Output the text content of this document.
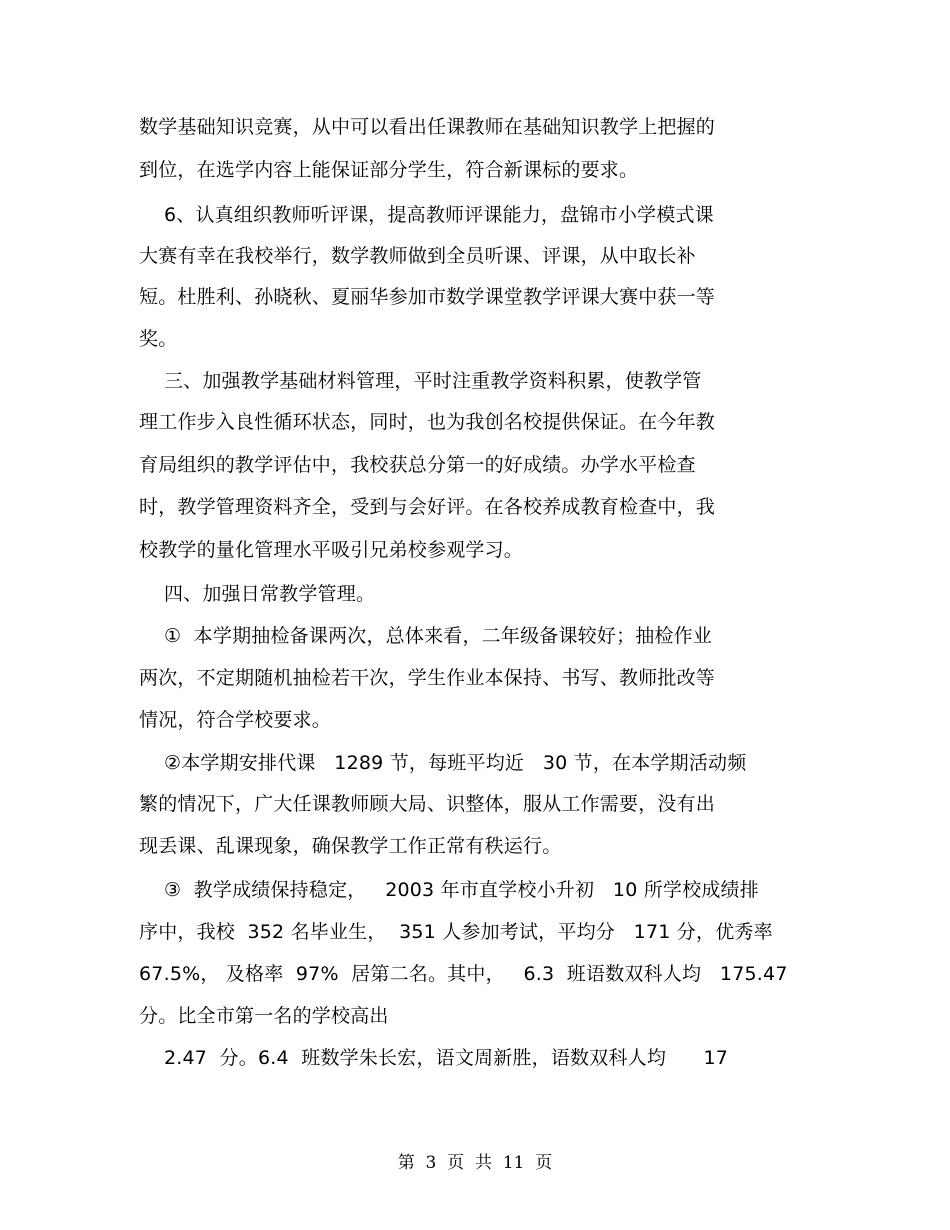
数学基础知识竞赛，从中可以看出任课教师在基础知识教学上把握的
到位，在选学内容上能保证部分学生，符合新课标的要求。
6、认真组织教师听评课，提高教师评课能力，盘锦市小学模式课
大赛有幸在我校举行，数学教师做到全员听课、评课，从中取长补
短。杜胜利、孙晓秋、夏丽华参加市数学课堂教学评课大赛中获一等
奖。
三、加强教学基础材料管理，平时注重教学资料积累，使教学管
理工作步入良性循环状态，同时，也为我创名校提供保证。在今年教
育局组织的教学评估中，我校获总分第一的好成绩。办学水平检查
时，教学管理资料齐全，受到与会好评。在各校养成教育检查中，我
校教学的量化管理水平吸引兄弟校参观学习。
四、加强日常教学管理。
①  本学期抽检备课两次，总体来看，二年级备课较好；抽检作业
两次，不定期随机抽检若干次，学生作业本保持、书写、教师批改等
情况，符合学校要求。
②本学期安排代课   1289 节，每班平均近   30 节，在本学期活动频
繁的情况下，广大任课教师顾大局、识整体，服从工作需要，没有出
现丢课、乱课现象，确保教学工作正常有秩运行。
③  教学成绩保持稳定，   2003 年市直学校小升初   10 所学校成绩排
序中，我校  352 名毕业生，  351 人参加考试，平均分   171 分，优秀率
67.5%， 及格率  97%  居第二名。其中，   6.3  班语数双科人均   175.47
分。比全市第一名的学校高出
2.47  分。6.4  班数学朱长宏，语文周新胜，语数双科人均      17
第  3  页  共  11  页
